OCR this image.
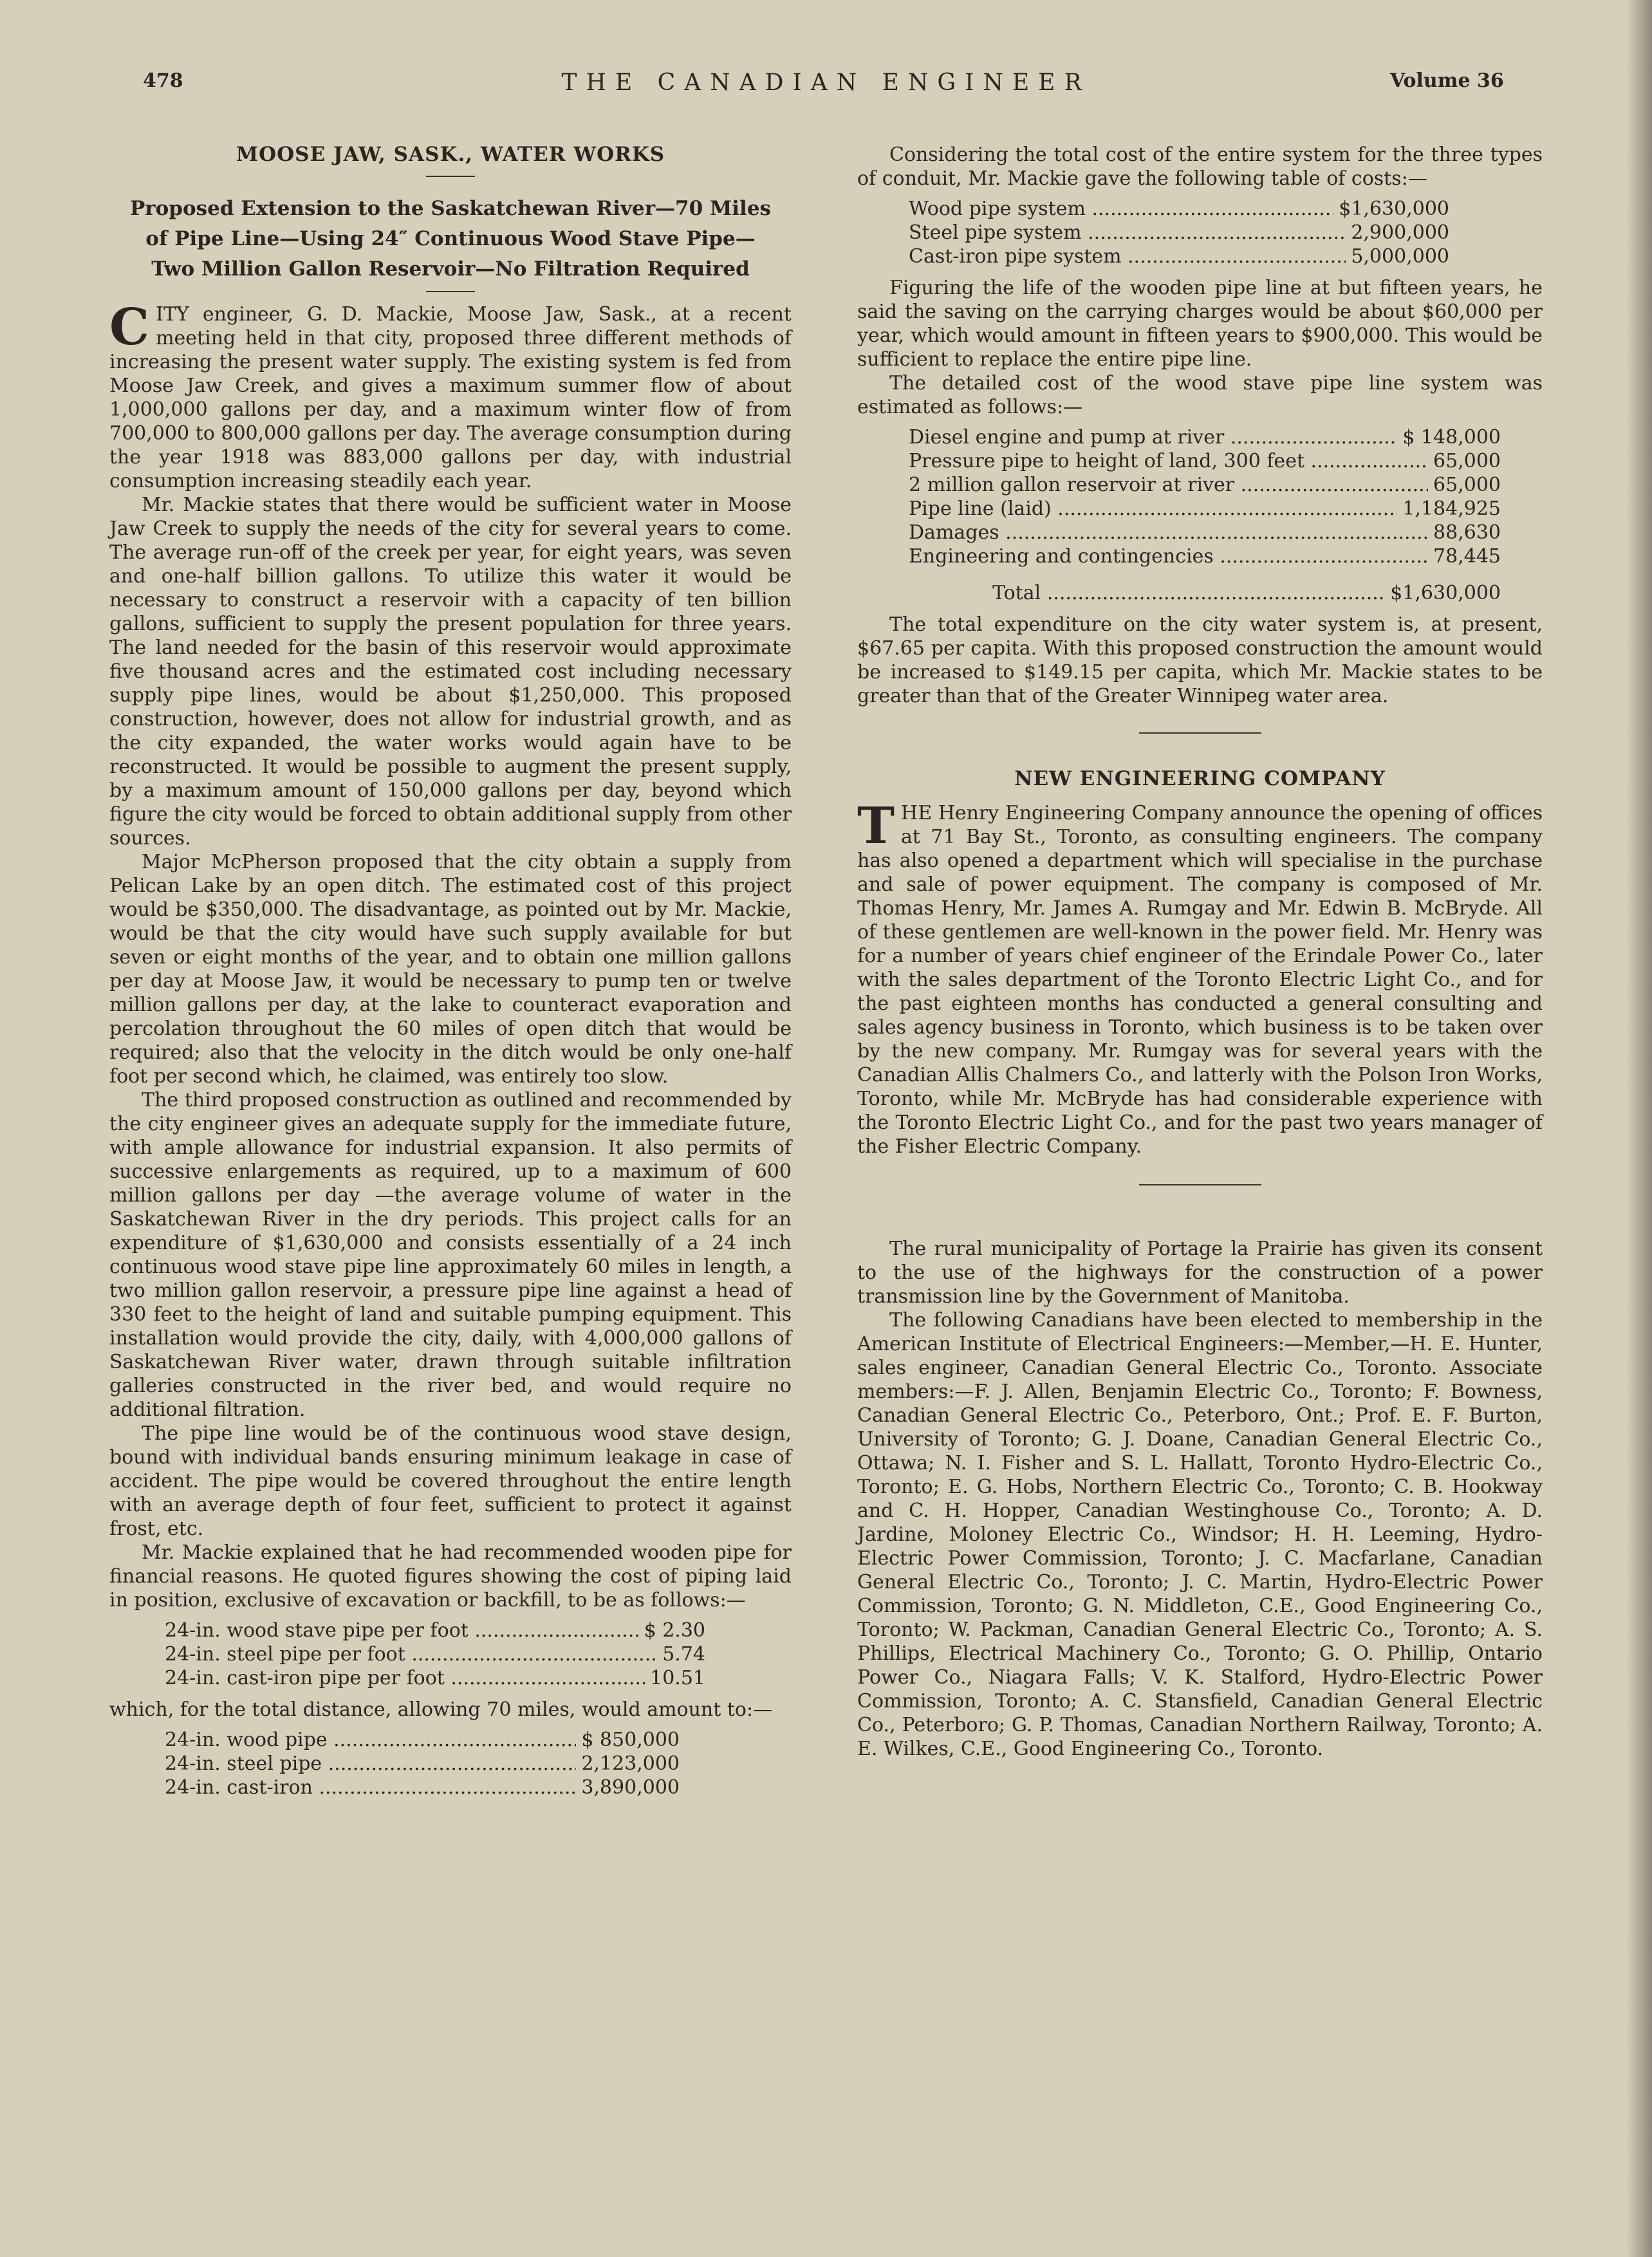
478	THE CANADIAN ENGINEER	Volume 36
MOOSE JAW, SASK., WATER WORKS
Proposed Extension to the Saskatchewan River—70 Miles of Pipe Line—Using 24″ Continuous Wood Stave Pipe—Two Million Gallon Reservoir—No Filtration Required
C ITY engineer, G. D. Mackie, Moose Jaw, Sask., at a recent meeting held in that city, proposed three different methods of increasing the present water supply. The existing system is fed from Moose Jaw Creek, and gives a maximum summer flow of about 1,000,000 gallons per day, and a maximum winter flow of from 700,000 to 800,000 gallons per day. The average consumption during the year 1918 was 883,000 gallons per day, with industrial consumption increasing steadily each year.

Mr. Mackie states that there would be sufficient water in Moose Jaw Creek to supply the needs of the city for several years to come. The average run-off of the creek per year, for eight years, was seven and one-half billion gallons. To utilize this water it would be necessary to construct a reservoir with a capacity of ten billion gallons, sufficient to supply the present population for three years. The land needed for the basin of this reservoir would approximate five thousand acres and the estimated cost including necessary supply pipe lines, would be about $1,250,000. This proposed construction, however, does not allow for industrial growth, and as the city expanded, the water works would again have to be reconstructed. It would be possible to augment the present supply, by a maximum amount of 150,000 gallons per day, beyond which figure the city would be forced to obtain additional supply from other sources.

Major McPherson proposed that the city obtain a supply from Pelican Lake by an open ditch. The estimated cost of this project would be $350,000. The disadvantage, as pointed out by Mr. Mackie, would be that the city would have such supply available for but seven or eight months of the year, and to obtain one million gallons per day at Moose Jaw, it would be necessary to pump ten or twelve million gallons per day, at the lake to counteract evaporation and percolation throughout the 60 miles of open ditch that would be required; also that the velocity in the ditch would be only one-half foot per second which, he claimed, was entirely too slow.

The third proposed construction as outlined and recommended by the city engineer gives an adequate supply for the immediate future, with ample allowance for industrial expansion. It also permits of successive enlargements as required, up to a maximum of 600 million gallons per day —the average volume of water in the Saskatchewan River in the dry periods. This project calls for an expenditure of $1,630,000 and consists essentially of a 24 inch continuous wood stave pipe line approximately 60 miles in length, a two million gallon reservoir, a pressure pipe line against a head of 330 feet to the height of land and suitable pumping equipment. This installation would provide the city, daily, with 4,000,000 gallons of Saskatchewan River water, drawn through suitable infiltration galleries constructed in the river bed, and would require no additional filtration.

The pipe line would be of the continuous wood stave design, bound with individual bands ensuring minimum leakage in case of accident. The pipe would be covered throughout the entire length with an average depth of four feet, sufficient to protect it against frost, etc.

Mr. Mackie explained that he had recommended wooden pipe for financial reasons. He quoted figures showing the cost of piping laid in position, exclusive of excavation or backfill, to be as follows:—

24-in. wood stave pipe per foot .....	$ 2.30
24-in. steel pipe per foot .....	5.74
24-in. cast-iron pipe per foot .....	10.51

which, for the total distance, allowing 70 miles, would amount to:—

24-in. wood pipe .....	$ 850,000
24-in. steel pipe .....	2,123,000
24-in. cast-iron .....	3,890,000

Considering the total cost of the entire system for the three types of conduit, Mr. Mackie gave the following table of costs:—

Wood pipe system .....	$1,630,000
Steel pipe system .....	2,900,000
Cast-iron pipe system .....	5,000,000

Figuring the life of the wooden pipe line at but fifteen years, he said the saving on the carrying charges would be about $60,000 per year, which would amount in fifteen years to $900,000. This would be sufficient to replace the entire pipe line.

The detailed cost of the wood stave pipe line system was estimated as follows:—

Diesel engine and pump at river .....	$ 148,000
Pressure pipe to height of land, 300 feet .....	65,000
2 million gallon reservoir at river .....	65,000
Pipe line (laid) .....	1,184,925
Damages .....	88,630
Engineering and contingencies .....	78,445
Total .....	$1,630,000

The total expenditure on the city water system is, at present, $67.65 per capita. With this proposed construction the amount would be increased to $149.15 per capita, which Mr. Mackie states to be greater than that of the Greater Winnipeg water area.

NEW ENGINEERING COMPANY
T HE Henry Engineering Company announce the opening of offices at 71 Bay St., Toronto, as consulting engineers. The company has also opened a department which will specialise in the purchase and sale of power equipment. The company is composed of Mr. Thomas Henry, Mr. James A. Rumgay and Mr. Edwin B. McBryde. All of these gentlemen are well-known in the power field. Mr. Henry was for a number of years chief engineer of the Erindale Power Co., later with the sales department of the Toronto Electric Light Co., and for the past eighteen months has conducted a general consulting and sales agency business in Toronto, which business is to be taken over by the new company. Mr. Rumgay was for several years with the Canadian Allis Chalmers Co., and latterly with the Polson Iron Works, Toronto, while Mr. McBryde has had considerable experience with the Toronto Electric Light Co., and for the past two years manager of the Fisher Electric Company.

The rural municipality of Portage la Prairie has given its consent to the use of the highways for the construction of a power transmission line by the Government of Manitoba.

The following Canadians have been elected to membership in the American Institute of Electrical Engineers:—Member,—H. E. Hunter, sales engineer, Canadian General Electric Co., Toronto. Associate members:—F. J. Allen, Benjamin Electric Co., Toronto; F. Bowness, Canadian General Electric Co., Peterboro, Ont.; Prof. E. F. Burton, University of Toronto; G. J. Doane, Canadian General Electric Co., Ottawa; N. I. Fisher and S. L. Hallatt, Toronto Hydro-Electric Co., Toronto; E. G. Hobs, Northern Electric Co., Toronto; C. B. Hookway and C. H. Hopper, Canadian Westinghouse Co., Toronto; A. D. Jardine, Moloney Electric Co., Windsor; H. H. Leeming, Hydro-Electric Power Commission, Toronto; J. C. Macfarlane, Canadian General Electric Co., Toronto; J. C. Martin, Hydro-Electric Power Commission, Toronto; G. N. Middleton, C.E., Good Engineering Co., Toronto; W. Packman, Canadian General Electric Co., Toronto; A. S. Phillips, Electrical Machinery Co., Toronto; G. O. Phillip, Ontario Power Co., Niagara Falls; V. K. Stalford, Hydro-Electric Power Commission, Toronto; A. C. Stansfield, Canadian General Electric Co., Peterboro; G. P. Thomas, Canadian Northern Railway, Toronto; A. E. Wilkes, C.E., Good Engineering Co., Toronto.
